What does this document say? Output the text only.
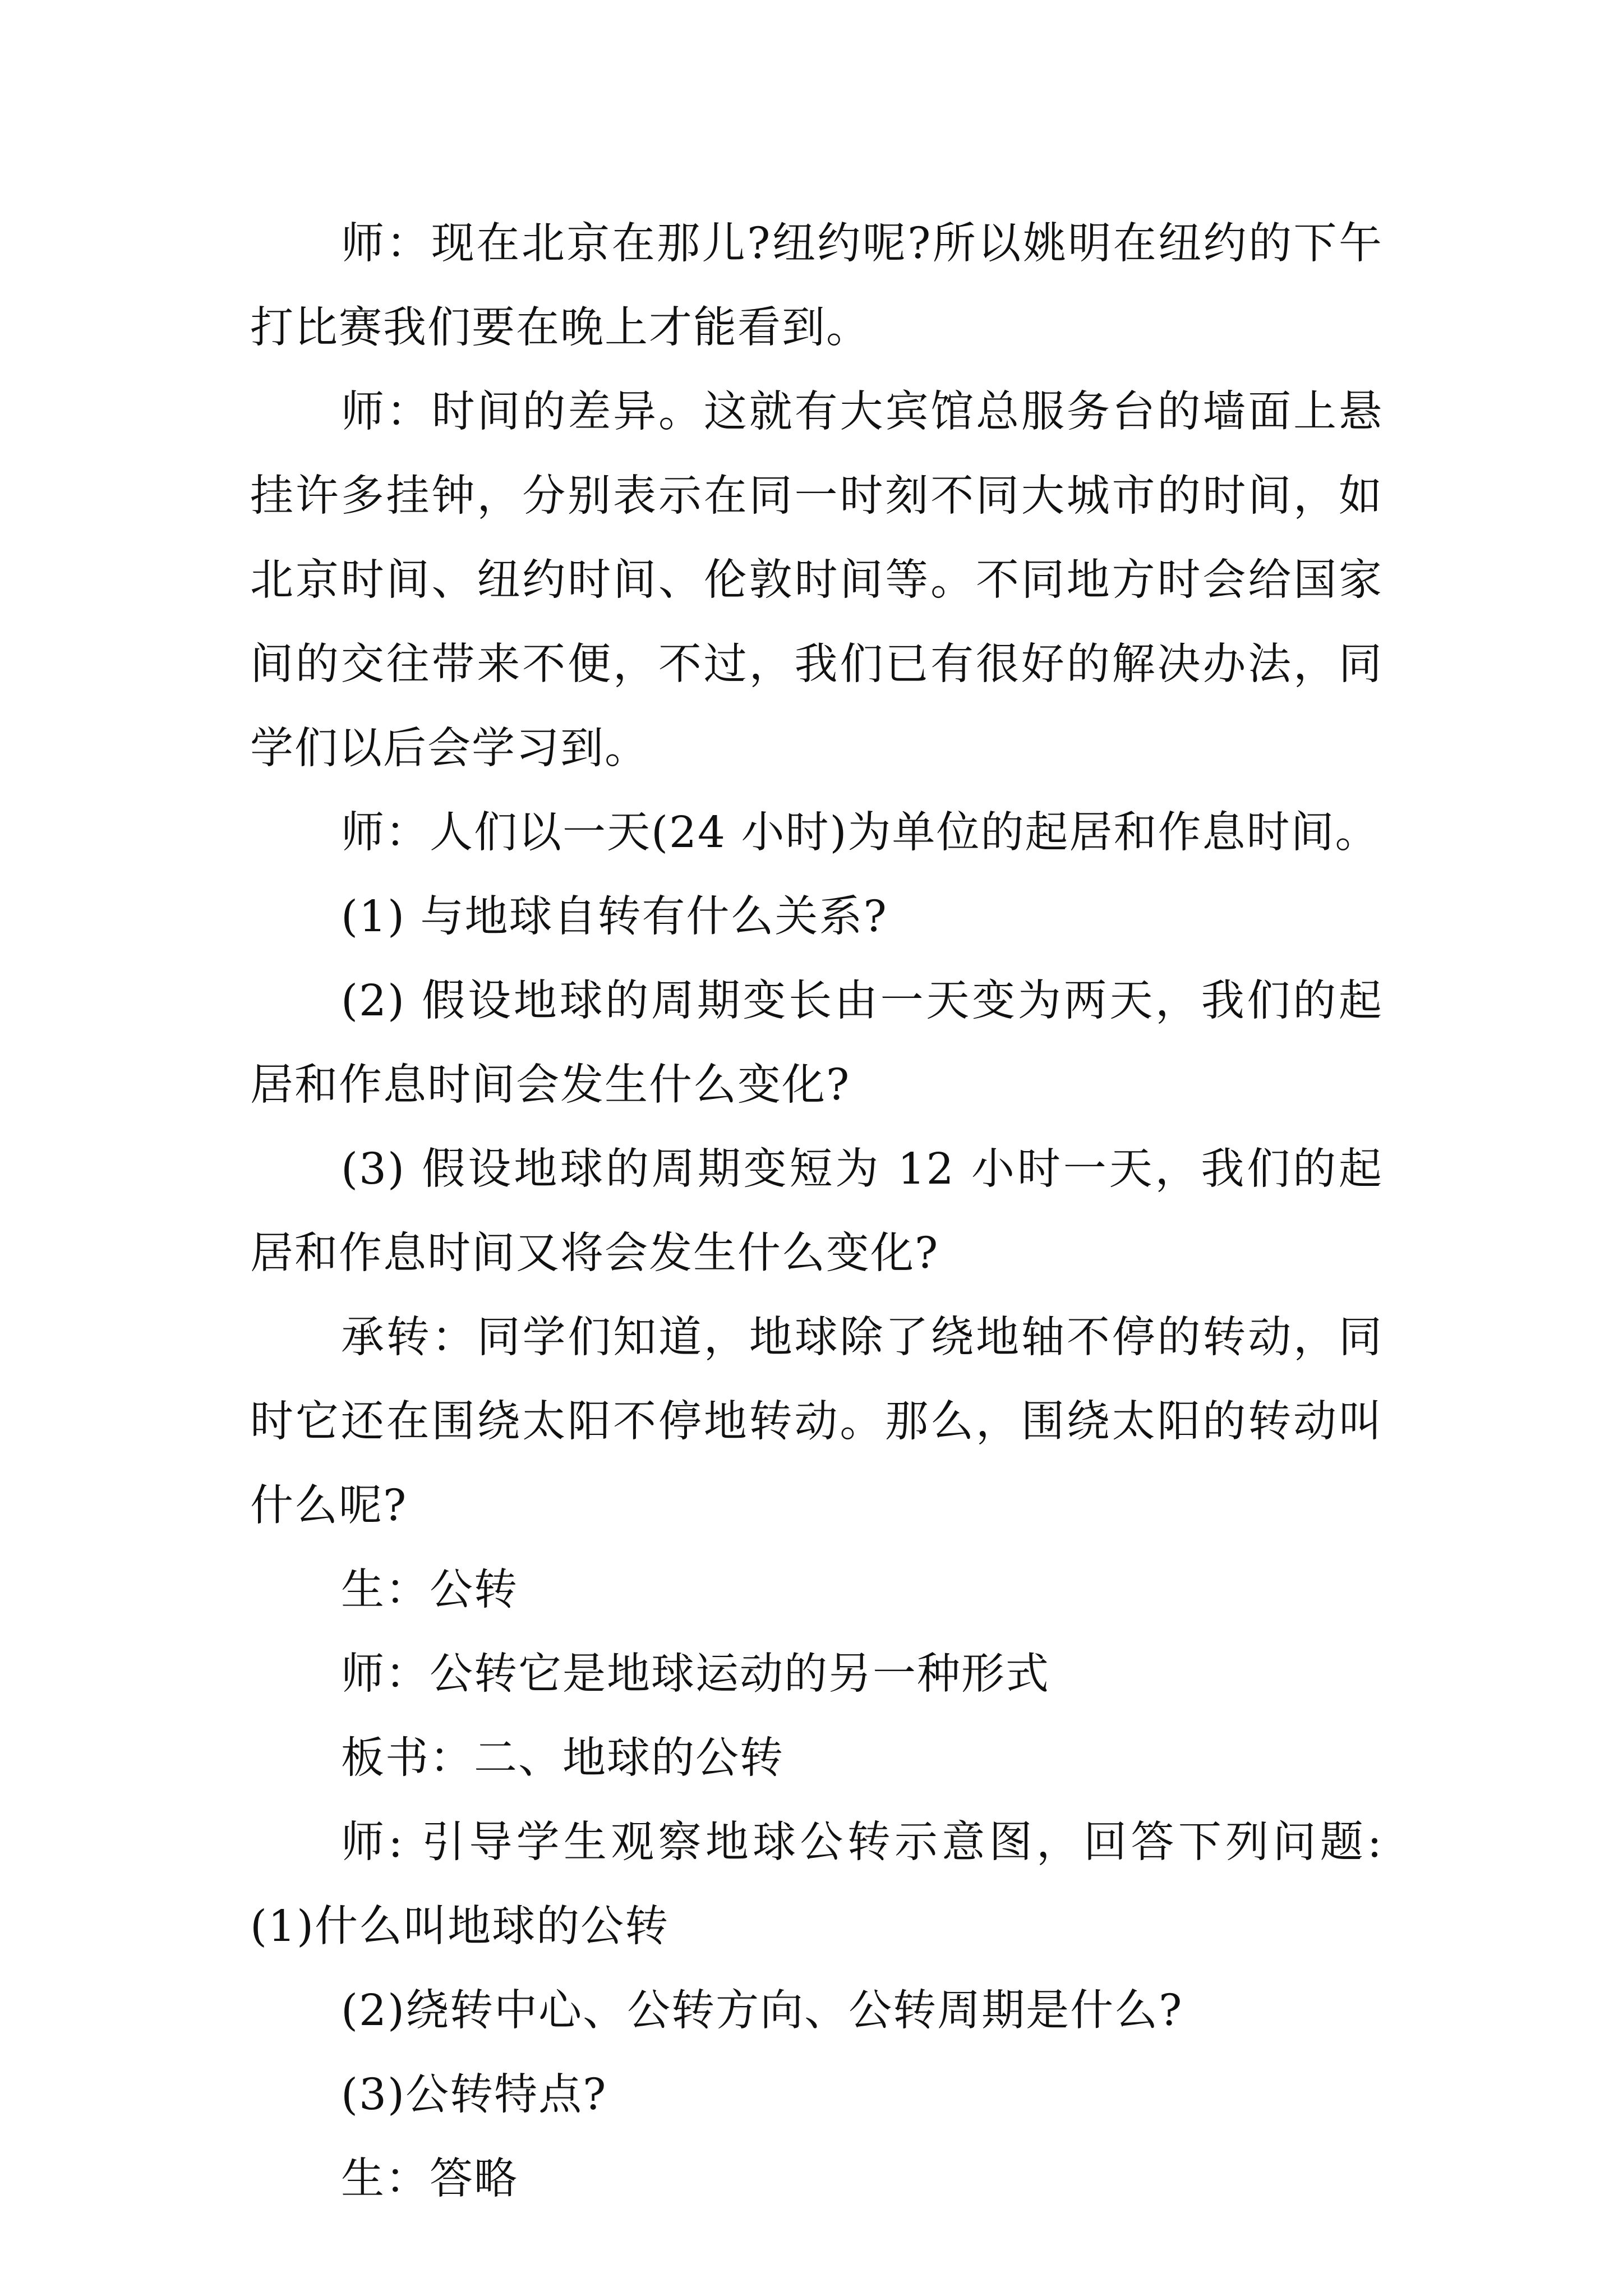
师：现在北京在那儿?纽约呢?所以姚明在纽约的下午打比赛我们要在晚上才能看到。

师：时间的差异。这就有大宾馆总服务台的墙面上悬挂许多挂钟，分别表示在同一时刻不同大城市的时间，如北京时间、纽约时间、伦敦时间等。不同地方时会给国家间的交往带来不便，不过，我们已有很好的解决办法，同学们以后会学习到。

师：人们以一天(24 小时)为单位的起居和作息时间。

(1) 与地球自转有什么关系?

(2) 假设地球的周期变长由一天变为两天，我们的起居和作息时间会发生什么变化?

(3) 假设地球的周期变短为 12 小时一天，我们的起居和作息时间又将会发生什么变化?

承转：同学们知道，地球除了绕地轴不停的转动，同时它还在围绕太阳不停地转动。那么，围绕太阳的转动叫什么呢?

生：公转

师：公转它是地球运动的另一种形式

板书：二、地球的公转

师: 引导学生观察地球公转示意图，回答下列问题: (1)什么叫地球的公转

(2)绕转中心、公转方向、公转周期是什么?

(3)公转特点?

生：答略
